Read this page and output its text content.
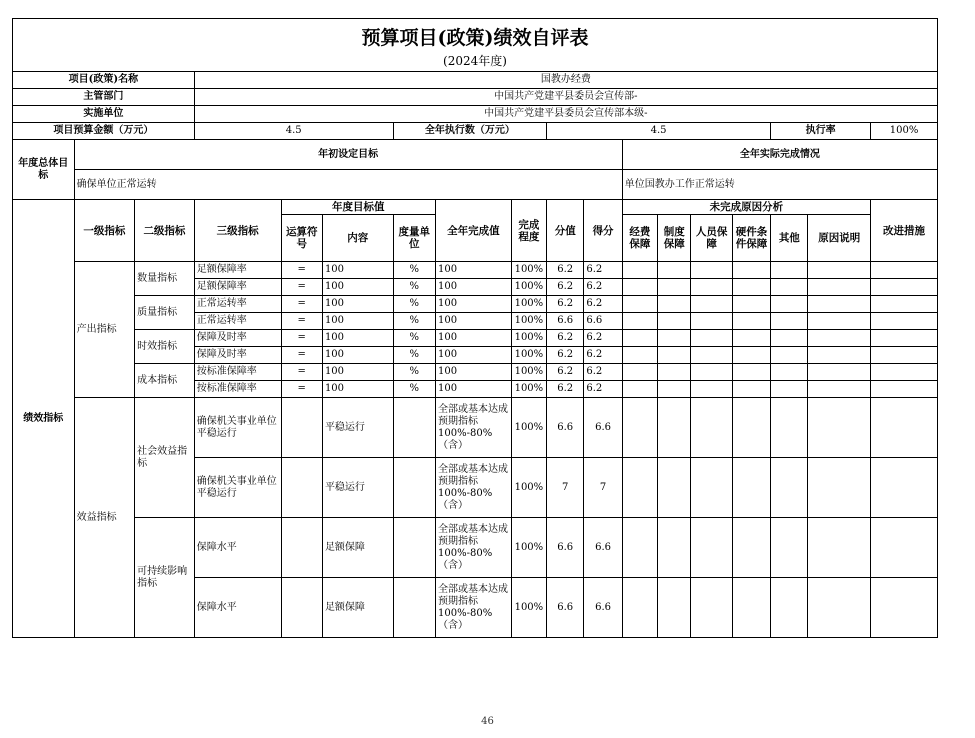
预算项目(政策)绩效自评表
(2024年度)
项目(政策)名称			国教办经费														
主管部门			中国共产党建平县委员会宣传部-														
实施单位			中国共产党建平县委员会宣传部本级-														
项目预算金额（万元）			4.5			全年执行数（万元）			4.5						执行率		100%
年度总体目标	年初设定目标										全年实际完成情况						
	确保单位正常运转										单位国教办工作正常运转						
绩效指标	一级指标	二级指标	三级指标	年度目标值			全年完成值	完成程度	分值	得分	未完成原因分析						改进措施
				运算符号	内容	度量单位					经费保障	制度保障	人员保障	硬件条件保障	其他	原因说明	
	产出指标	数量指标	足额保障率	=	100	%	100	100%	6.2	6.2							
			足额保障率	=	100	%	100	100%	6.2	6.2							
		质量指标	正常运转率	=	100	%	100	100%	6.2	6.2							
			正常运转率	=	100	%	100	100%	6.6	6.6							
		时效指标	保障及时率	=	100	%	100	100%	6.2	6.2							
			保障及时率	=	100	%	100	100%	6.2	6.2							
		成本指标	按标准保障率	=	100	%	100	100%	6.2	6.2							
			按标准保障率	=	100	%	100	100%	6.2	6.2							
	效益指标	社会效益指标	确保机关事业单位平稳运行		平稳运行		全部或基本达成预期指标100%-80%（含）	100%	6.6	6.6							
			确保机关事业单位平稳运行		平稳运行		全部或基本达成预期指标100%-80%（含）	100%	7	7							
		可持续影响指标	保障水平		足额保障		全部或基本达成预期指标100%-80%（含）	100%	6.6	6.6							
			保障水平		足额保障		全部或基本达成预期指标100%-80%（含）	100%	6.6	6.6							
46
